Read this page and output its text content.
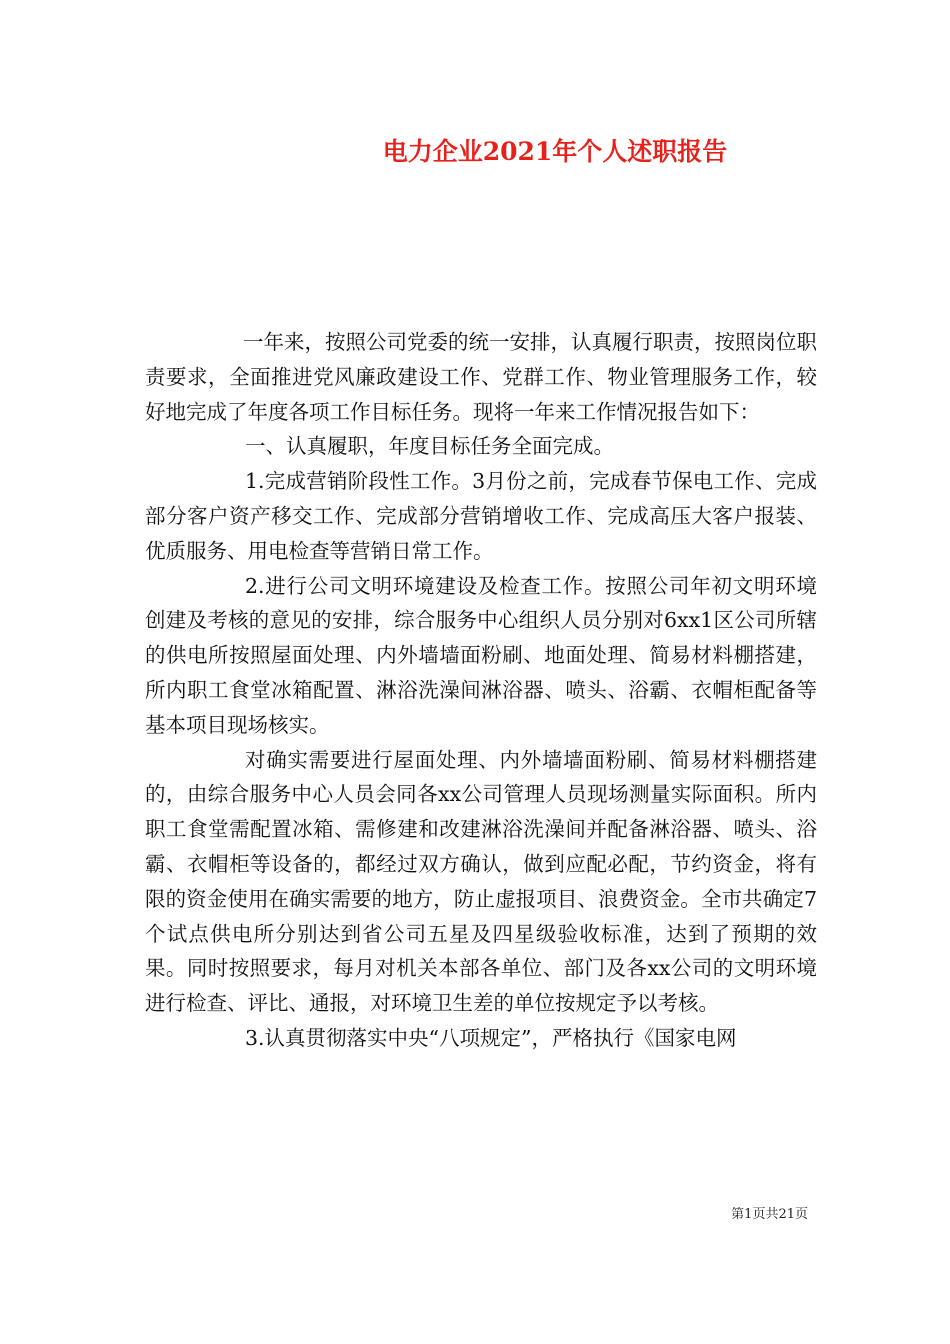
电力企业2021年个人述职报告

一年来，按照公司党委的统一安排，认真履行职责，按照岗位职责要求，全面推进党风廉政建设工作、党群工作、物业管理服务工作，较好地完成了年度各项工作目标任务。现将一年来工作情况报告如下：

一、认真履职，年度目标任务全面完成。

1.完成营销阶段性工作。3月份之前，完成春节保电工作、完成部分客户资产移交工作、完成部分营销增收工作、完成高压大客户报装、优质服务、用电检查等营销日常工作。

2.进行公司文明环境建设及检查工作。按照公司年初文明环境创建及考核的意见的安排，综合服务中心组织人员分别对6xx1区公司所辖的供电所按照屋面处理、内外墙墙面粉刷、地面处理、简易材料棚搭建，所内职工食堂冰箱配置、淋浴洗澡间淋浴器、喷头、浴霸、衣帽柜配备等基本项目现场核实。

对确实需要进行屋面处理、内外墙墙面粉刷、简易材料棚搭建的，由综合服务中心人员会同各xx公司管理人员现场测量实际面积。所内职工食堂需配置冰箱、需修建和改建淋浴洗澡间并配备淋浴器、喷头、浴霸、衣帽柜等设备的，都经过双方确认，做到应配必配，节约资金，将有限的资金使用在确实需要的地方，防止虚报项目、浪费资金。全市共确定7个试点供电所分别达到省公司五星及四星级验收标准，达到了预期的效果。同时按照要求，每月对机关本部各单位、部门及各xx公司的文明环境进行检查、评比、通报，对环境卫生差的单位按规定予以考核。

3.认真贯彻落实中央“八项规定”，严格执行《国家电网

第1页共21页
